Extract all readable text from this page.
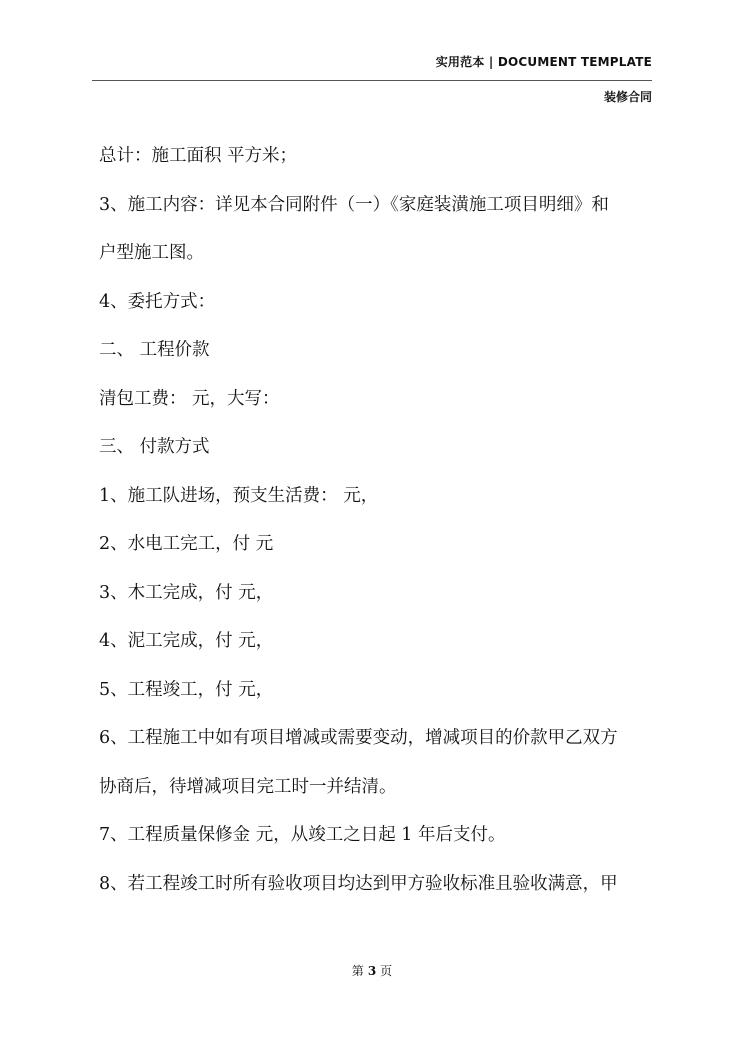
实用范本 | DOCUMENT TEMPLATE
装修合同

总计：施工面积 平方米；

3、施工内容：详见本合同附件（一）《家庭装潢施工项目明细》和

户型施工图。

4、委托方式：

二、 工程价款

清包工费： 元，大写：

三、 付款方式

1、施工队进场，预支生活费： 元，

2、水电工完工，付 元

3、木工完成，付 元，

4、泥工完成，付 元，

5、工程竣工，付 元，

6、工程施工中如有项目增减或需要变动，增减项目的价款甲乙双方

协商后，待增减项目完工时一并结清。

7、工程质量保修金 元，从竣工之日起 1 年后支付。

8、若工程竣工时所有验收项目均达到甲方验收标准且验收满意，甲

第 3 页
